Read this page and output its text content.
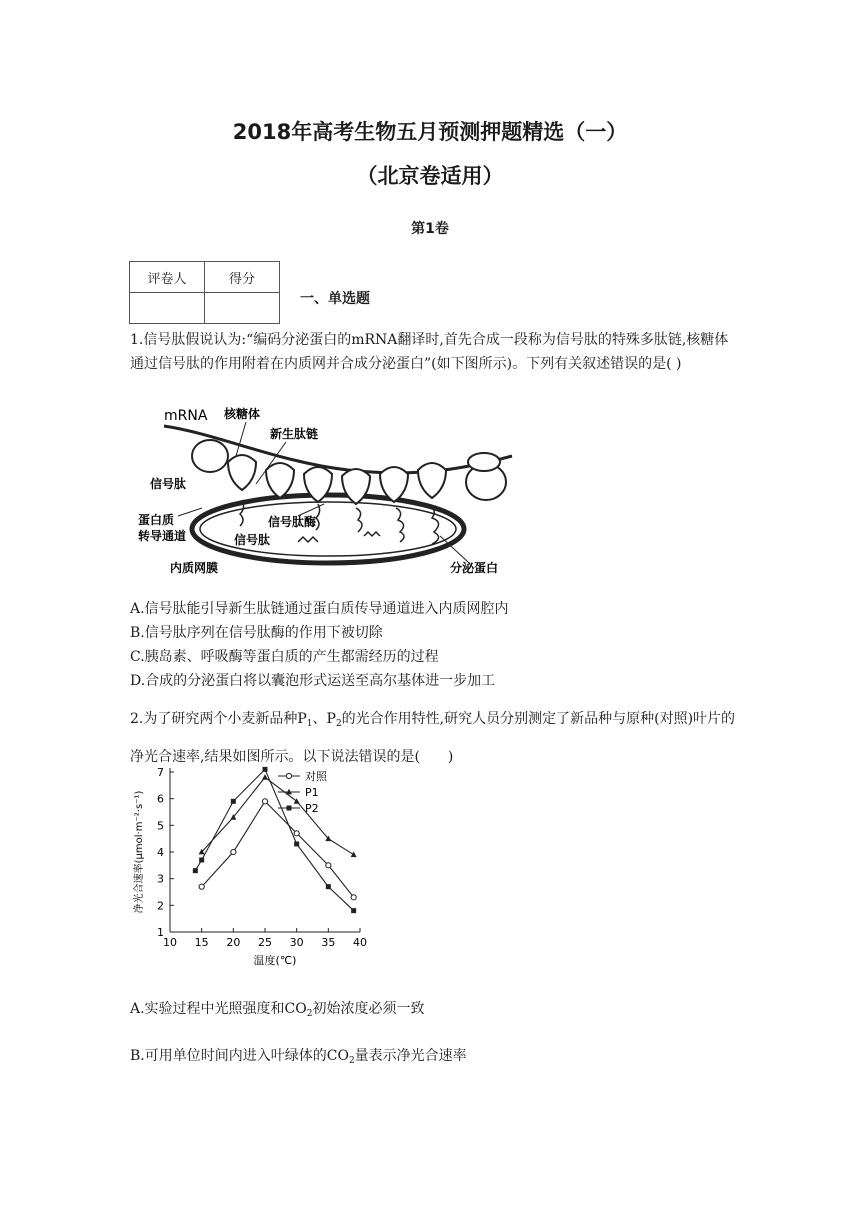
2018年高考生物五月预测押题精选（一）
（北京卷适用）
第1卷
评卷人	得分

一、单选题
1.信号肽假说认为:“编码分泌蛋白的mRNA翻译时,首先合成一段称为信号肽的特殊多肽链,核糖体通过信号肽的作用附着在内质网并合成分泌蛋白”(如下图所示)。下列有关叙述错误的是( )
mRNA 核糖体
新生肽链
信号肽
蛋白质
转导通道
信号肽酶
信号肽
内质网膜	分泌蛋白
A.信号肽能引导新生肽链通过蛋白质传导通道进入内质网腔内
B.信号肽序列在信号肽酶的作用下被切除
C.胰岛素、呼吸酶等蛋白质的产生都需经历的过程
D.合成的分泌蛋白将以囊泡形式运送至高尔基体进一步加工
2.为了研究两个小麦新品种$P_1$、$P_2$的光合作用特性,研究人员分别测定了新品种与原种(对照)叶片的净光合速率,结果如图所示。以下说法错误的是(　　)
10 15 20 25 30 35 40
1
2
3
4
5
6
7
温度(℃)
净光合速率(μmol·m⁻²·s⁻¹)
对照
P1
P2
A.实验过程中光照强度和$CO_2$初始浓度必须一致
B.可用单位时间内进入叶绿体的$CO_2$量表示净光合速率
